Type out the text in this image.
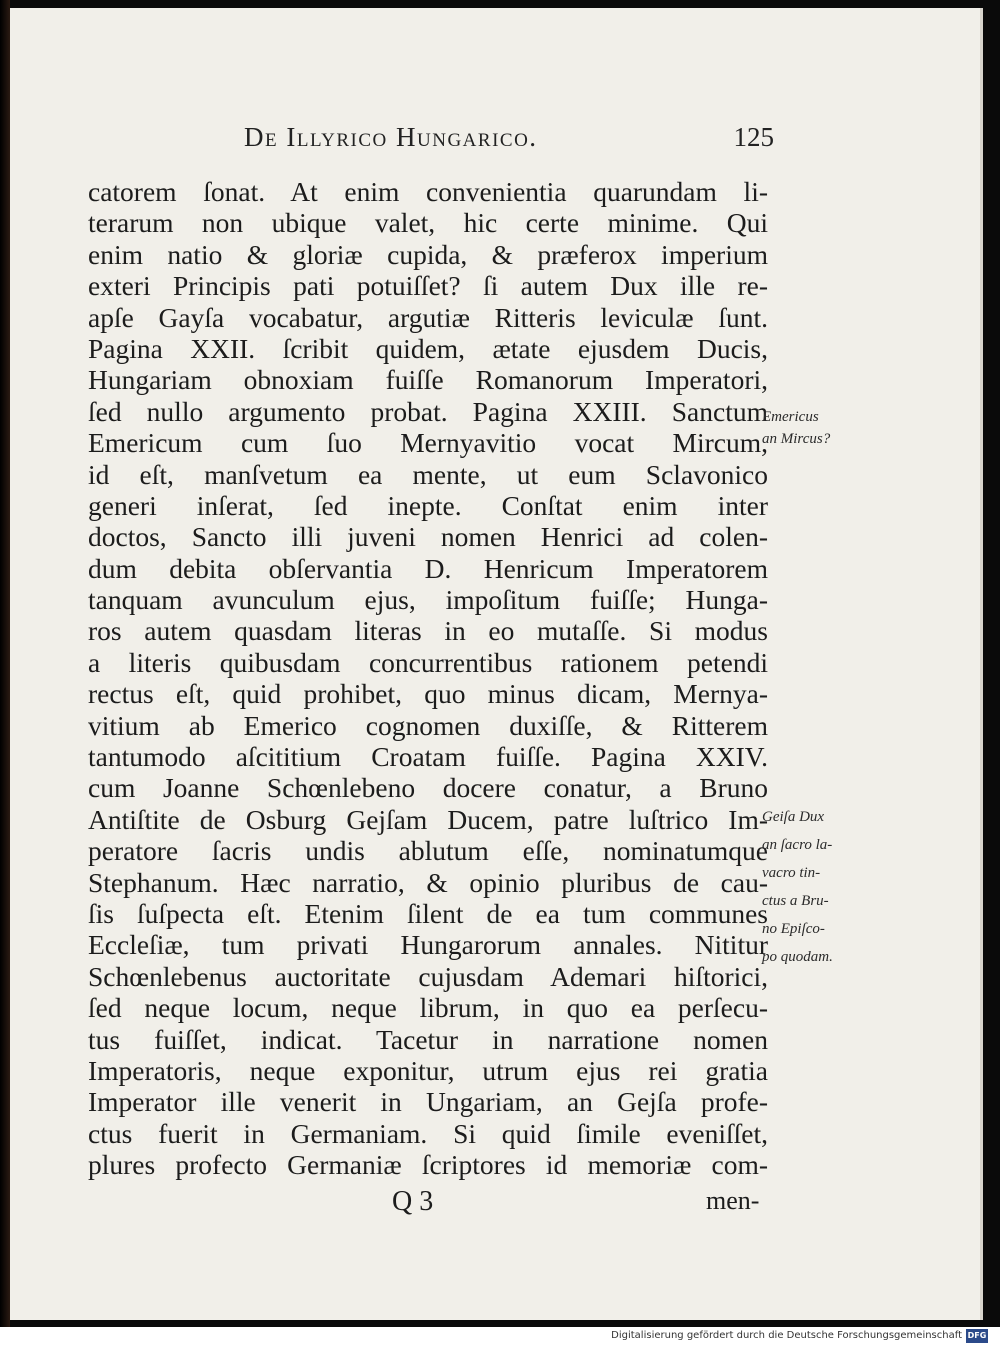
De Illyrico Hungarico.	125
catorem ſonat. At enim convenientia quarundam li-
terarum non ubique valet, hic certe minime. Qui
enim natio & gloriæ cupida, & præferox imperium
exteri Principis pati potuiſſet? ſi autem Dux ille re-
apſe Gayſa vocabatur, argutiæ Ritteris leviculæ ſunt.
Pagina XXII. ſcribit quidem, ætate ejusdem Ducis,
Hungariam obnoxiam fuiſſe Romanorum Imperatori,
ſed nullo argumento probat. Pagina XXIII. Sanctum
Emericum cum ſuo Mernyavitio vocat Mircum,
id eſt, manſvetum ea mente, ut eum Sclavonico
generi inſerat, ſed inepte. Conſtat enim inter
doctos, Sancto illi juveni nomen Henrici ad colen-
dum debita obſervantia D. Henricum Imperatorem
tanquam avunculum ejus, impoſitum fuiſſe; Hunga-
ros autem quasdam literas in eo mutaſſe. Si modus
a literis quibusdam concurrentibus rationem petendi
rectus eſt, quid prohibet, quo minus dicam, Mernya-
vitium ab Emerico cognomen duxiſſe, & Ritterem
tantumodo aſcititium Croatam fuiſſe. Pagina XXIV.
cum Joanne Schœnlebeno docere conatur, a Bruno
Antiſtite de Osburg Gejſam Ducem, patre luſtrico Im-
peratore ſacris undis ablutum eſſe, nominatumque
Stephanum. Hæc narratio, & opinio pluribus de cau-
ſis ſuſpecta eſt. Etenim ſilent de ea tum communes
Eccleſiæ, tum privati Hungarorum annales. Nititur
Schœnlebenus auctoritate cujusdam Ademari hiſtorici,
ſed neque locum, neque librum, in quo ea perſecu-
tus fuiſſet, indicat. Tacetur in narratione nomen
Imperatoris, neque exponitur, utrum ejus rei gratia
Imperator ille venerit in Ungariam, an Gejſa profe-
ctus fuerit in Germaniam. Si quid ſimile eveniſſet,
plures profecto Germaniæ ſcriptores id memoriæ com-
Emericus
an Mircus?
Geiſa Dux
an ſacro la-
vacro tin-
ctus a Bru-
no Epiſco-
po quodam.
Q 3	men-
Digitalisierung gefördert durch die Deutsche Forschungsgemeinschaft DFG
